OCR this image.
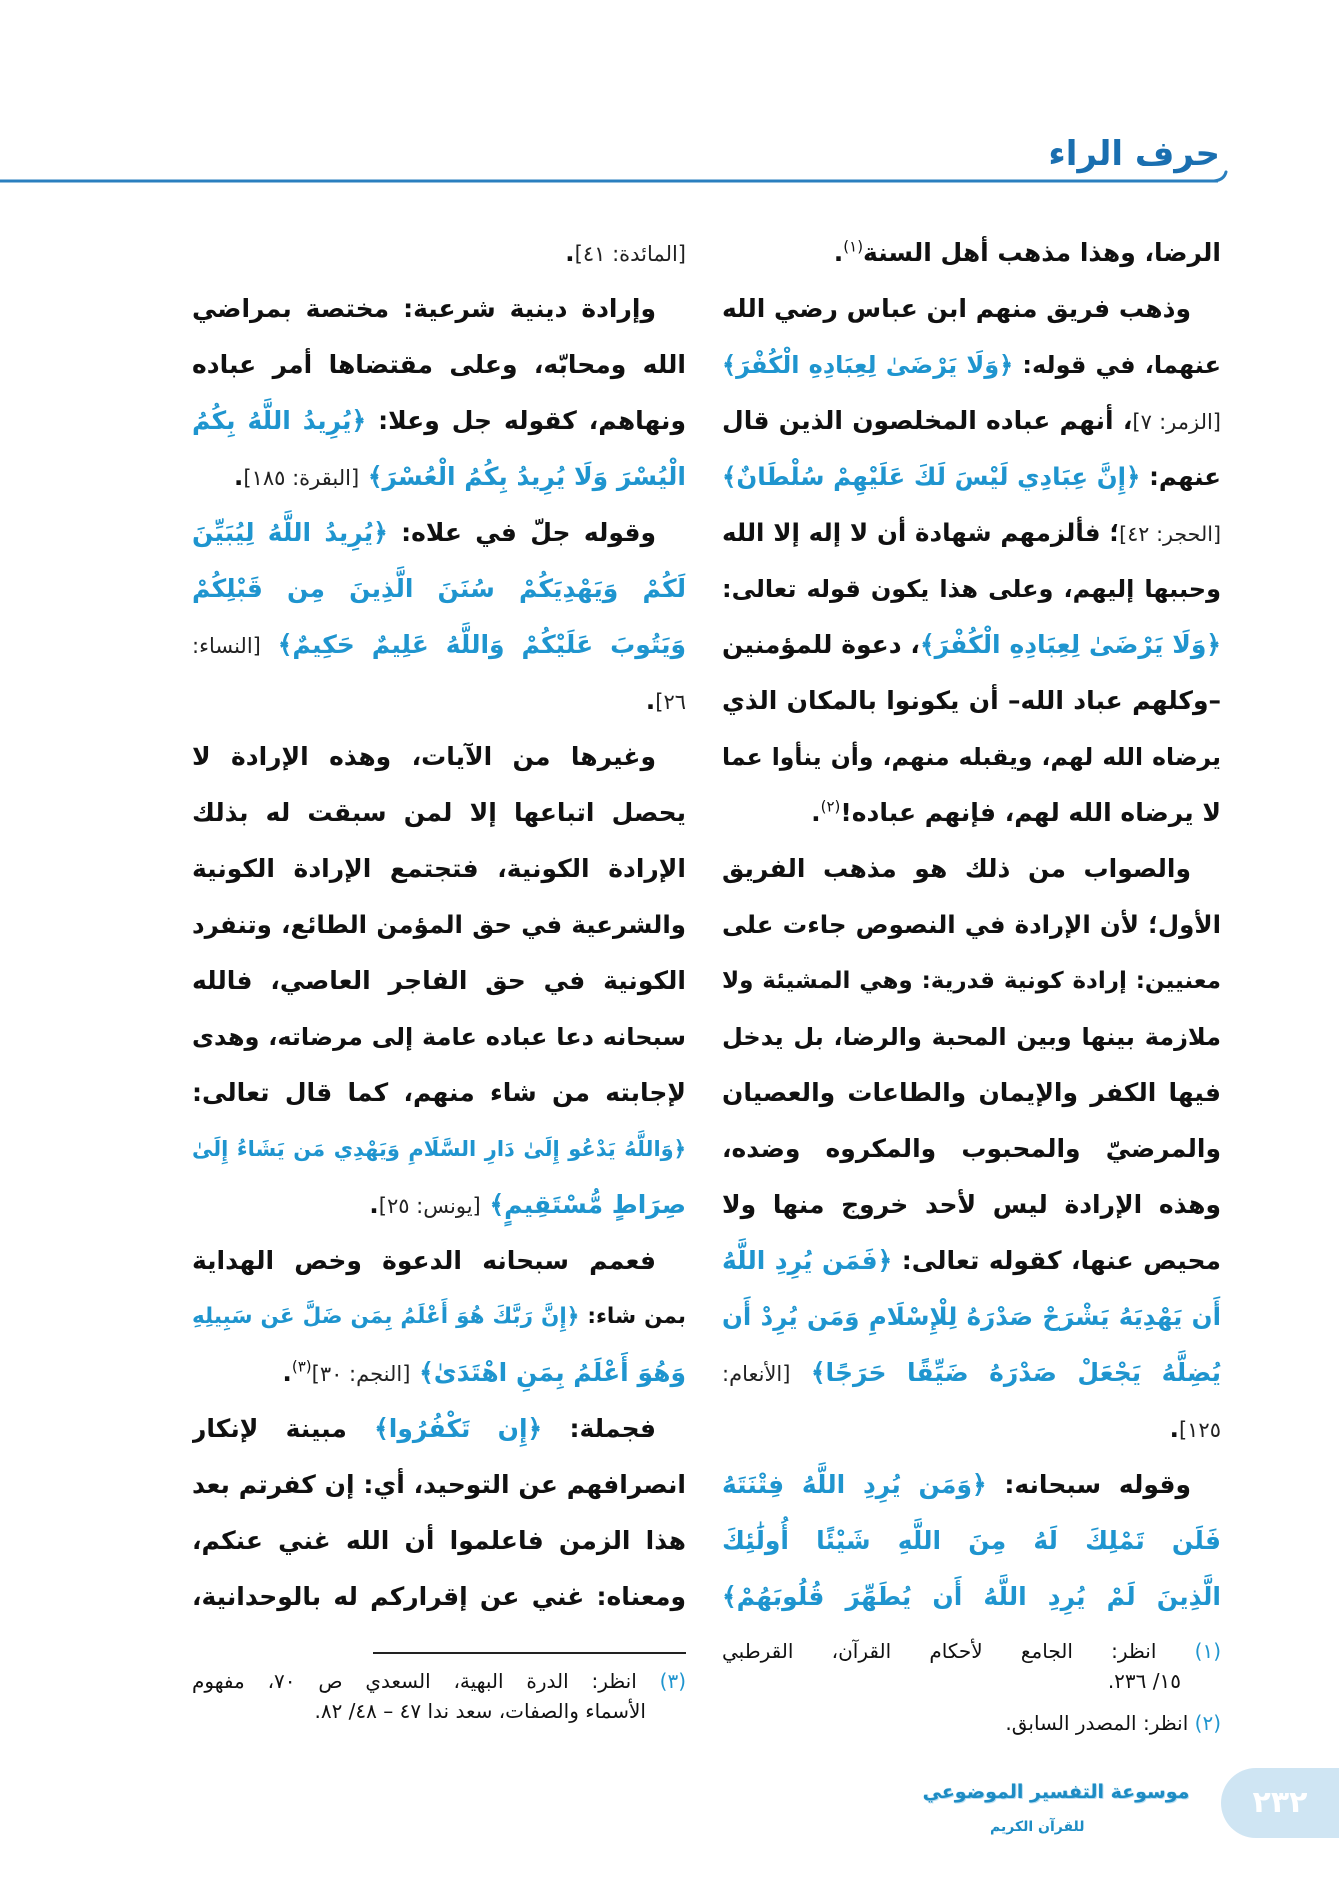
حرف الراء
الرضا، وهذا مذهب أهل السنة$^{(١)}$.
وذهب فريق منهم ابن عباس رضي الله
عنهما، في قوله: ﴿وَلَا يَرْضَىٰ لِعِبَادِهِ الْكُفْرَ﴾
[الزمر: ٧]، أنهم عباده المخلصون الذين قال
عنهم: ﴿إِنَّ عِبَادِي لَيْسَ لَكَ عَلَيْهِمْ سُلْطَانٌ﴾
[الحجر: ٤٢]؛ فألزمهم شهادة أن لا إله إلا الله
وحببها إليهم، وعلى هذا يكون قوله تعالى:
﴿وَلَا يَرْضَىٰ لِعِبَادِهِ الْكُفْرَ﴾، دعوة للمؤمنين
–وكلهم عباد الله– أن يكونوا بالمكان الذي
يرضاه الله لهم، ويقبله منهم، وأن ينأوا عما
لا يرضاه الله لهم، فإنهم عباده!$^{(٢)}$.
والصواب من ذلك هو مذهب الفريق
الأول؛ لأن الإرادة في النصوص جاءت على
معنيين: إرادة كونية قدرية: وهي المشيئة ولا
ملازمة بينها وبين المحبة والرضا، بل يدخل
فيها الكفر والإيمان والطاعات والعصيان
والمرضيّ والمحبوب والمكروه وضده،
وهذه الإرادة ليس لأحد خروج منها ولا
محيص عنها، كقوله تعالى: ﴿فَمَن يُرِدِ اللَّهُ
أَن يَهْدِيَهُ يَشْرَحْ صَدْرَهُ لِلْإِسْلَامِ وَمَن يُرِدْ أَن
يُضِلَّهُ يَجْعَلْ صَدْرَهُ ضَيِّقًا حَرَجًا﴾ [الأنعام:
١٢٥].
وقوله سبحانه: ﴿وَمَن يُرِدِ اللَّهُ فِتْنَتَهُ
فَلَن تَمْلِكَ لَهُ مِنَ اللَّهِ شَيْئًا أُولَٰئِكَ
الَّذِينَ لَمْ يُرِدِ اللَّهُ أَن يُطَهِّرَ قُلُوبَهُمْ﴾
[المائدة: ٤١].
وإرادة دينية شرعية: مختصة بمراضي
الله ومحابّه، وعلى مقتضاها أمر عباده
ونهاهم، كقوله جل وعلا: ﴿يُرِيدُ اللَّهُ بِكُمُ
الْيُسْرَ وَلَا يُرِيدُ بِكُمُ الْعُسْرَ﴾ [البقرة: ١٨٥].
وقوله جلّ في علاه: ﴿يُرِيدُ اللَّهُ لِيُبَيِّنَ
لَكُمْ وَيَهْدِيَكُمْ سُنَنَ الَّذِينَ مِن قَبْلِكُمْ
وَيَتُوبَ عَلَيْكُمْ وَاللَّهُ عَلِيمٌ حَكِيمٌ﴾ [النساء:
٢٦].
وغيرها من الآيات، وهذه الإرادة لا
يحصل اتباعها إلا لمن سبقت له بذلك
الإرادة الكونية، فتجتمع الإرادة الكونية
والشرعية في حق المؤمن الطائع، وتنفرد
الكونية في حق الفاجر العاصي، فالله
سبحانه دعا عباده عامة إلى مرضاته، وهدى
لإجابته من شاء منهم، كما قال تعالى:
﴿وَاللَّهُ يَدْعُو إِلَىٰ دَارِ السَّلَامِ وَيَهْدِي مَن يَشَاءُ إِلَىٰ
صِرَاطٍ مُّسْتَقِيمٍ﴾ [يونس: ٢٥].
فعمم سبحانه الدعوة وخص الهداية
بمن شاء: ﴿إِنَّ رَبَّكَ هُوَ أَعْلَمُ بِمَن ضَلَّ عَن سَبِيلِهِ
وَهُوَ أَعْلَمُ بِمَنِ اهْتَدَىٰ﴾ [النجم: ٣٠]$^{(٣)}$.
فجملة: ﴿إِن تَكْفُرُوا﴾ مبينة لإنكار
انصرافهم عن التوحيد، أي: إن كفرتم بعد
هذا الزمن فاعلموا أن الله غني عنكم،
ومعناه: غني عن إقراركم له بالوحدانية،
(١) انظر: الجامع لأحكام القرآن، القرطبي
١٥/ ٢٣٦.
(٢) انظر: المصدر السابق.
(٣) انظر: الدرة البهية، السعدي ص ٧٠، مفهوم
الأسماء والصفات، سعد ندا ٤٧ – ٤٨/ ٨٢.
موسوعة التفسير الموضوعي
للقرآن الكريم
٢٣٢
